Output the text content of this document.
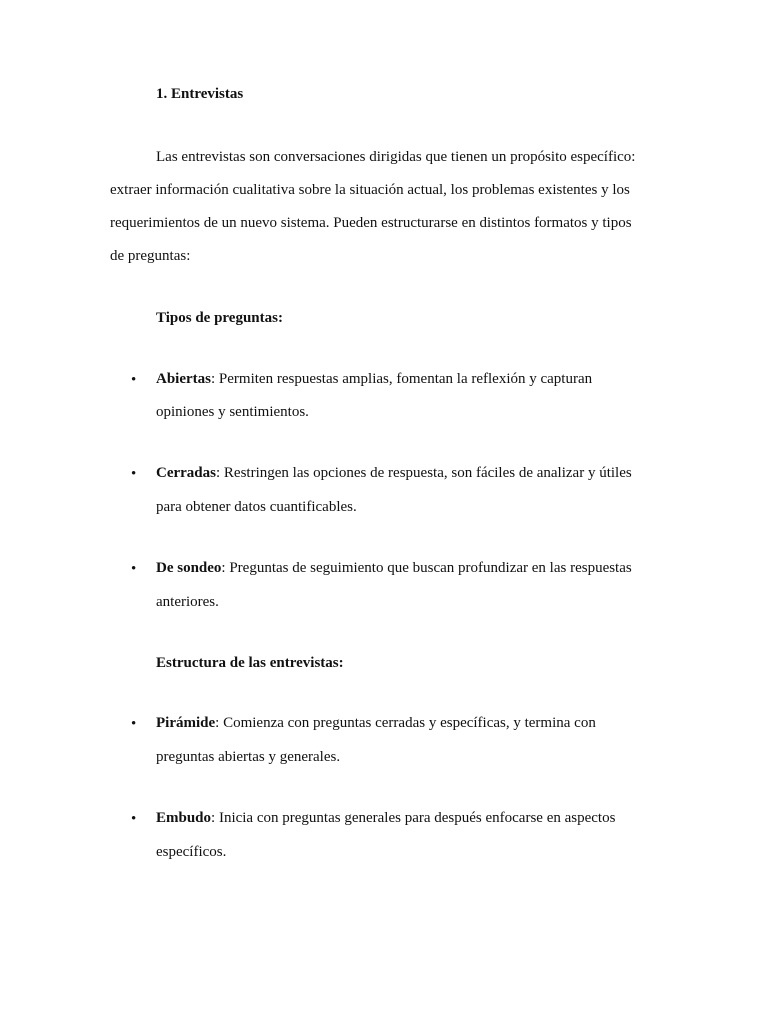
1. Entrevistas
Las entrevistas son conversaciones dirigidas que tienen un propósito específico:
extraer información cualitativa sobre la situación actual, los problemas existentes y los
requerimientos de un nuevo sistema. Pueden estructurarse en distintos formatos y tipos
de preguntas:
Tipos de preguntas:
• Abiertas: Permiten respuestas amplias, fomentan la reflexión y capturan
opiniones y sentimientos.
• Cerradas: Restringen las opciones de respuesta, son fáciles de analizar y útiles
para obtener datos cuantificables.
• De sondeo: Preguntas de seguimiento que buscan profundizar en las respuestas
anteriores.
Estructura de las entrevistas:
• Pirámide: Comienza con preguntas cerradas y específicas, y termina con
preguntas abiertas y generales.
• Embudo: Inicia con preguntas generales para después enfocarse en aspectos
específicos.
